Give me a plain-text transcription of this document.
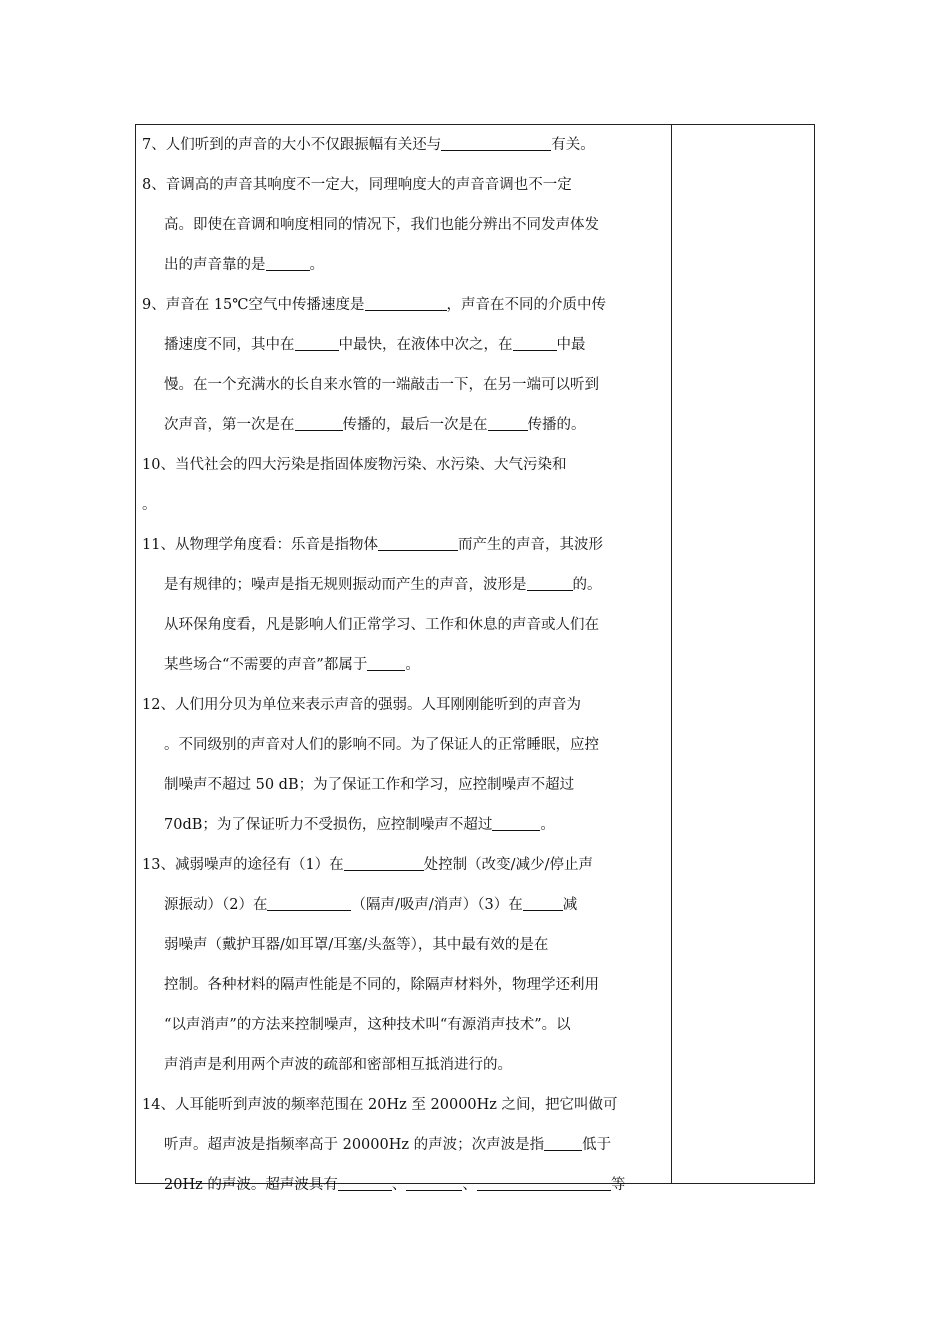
7、人们听到的声音的大小不仅跟振幅有关还与	有关。
8、音调高的声音其响度不一定大，同理响度大的声音音调也不一定
高。即使在音调和响度相同的情况下，我们也能分辨出不同发声体发
出的声音靠的是	。
9、声音在 15℃空气中传播速度是	，声音在不同的介质中传
播速度不同，其中在	中最快，在液体中次之，在	中最
慢。在一个充满水的长自来水管的一端敲击一下，在另一端可以听到
次声音，第一次是在	传播的，最后一次是在	传播的。
10、当代社会的四大污染是指固体废物污染、水污染、大气污染和
。
11、从物理学角度看：乐音是指物体	而产生的声音，其波形
是有规律的；噪声是指无规则振动而产生的声音，波形是	的。
从环保角度看，凡是影响人们正常学习、工作和休息的声音或人们在
某些场合“不需要的声音”都属于	。
12、人们用分贝为单位来表示声音的强弱。人耳刚刚能听到的声音为
。不同级别的声音对人们的影响不同。为了保证人的正常睡眠，应控
制噪声不超过 50 dB；为了保证工作和学习，应控制噪声不超过
70dB；为了保证听力不受损伤，应控制噪声不超过	。
13、减弱噪声的途径有（1）在	处控制（改变/减少/停止声
源振动）（2）在	（隔声/吸声/消声）（3）在	减
弱噪声（戴护耳器/如耳罩/耳塞/头盔等），其中最有效的是在
控制。各种材料的隔声性能是不同的，除隔声材料外，物理学还利用
“以声消声”的方法来控制噪声，这种技术叫“有源消声技术”。以
声消声是利用两个声波的疏部和密部相互抵消进行的。
14、人耳能听到声波的频率范围在 20Hz 至 20000Hz 之间，把它叫做可
听声。超声波是指频率高于 20000Hz 的声波；次声波是指	低于
20Hz 的声波。超声波具有	、	、	等
